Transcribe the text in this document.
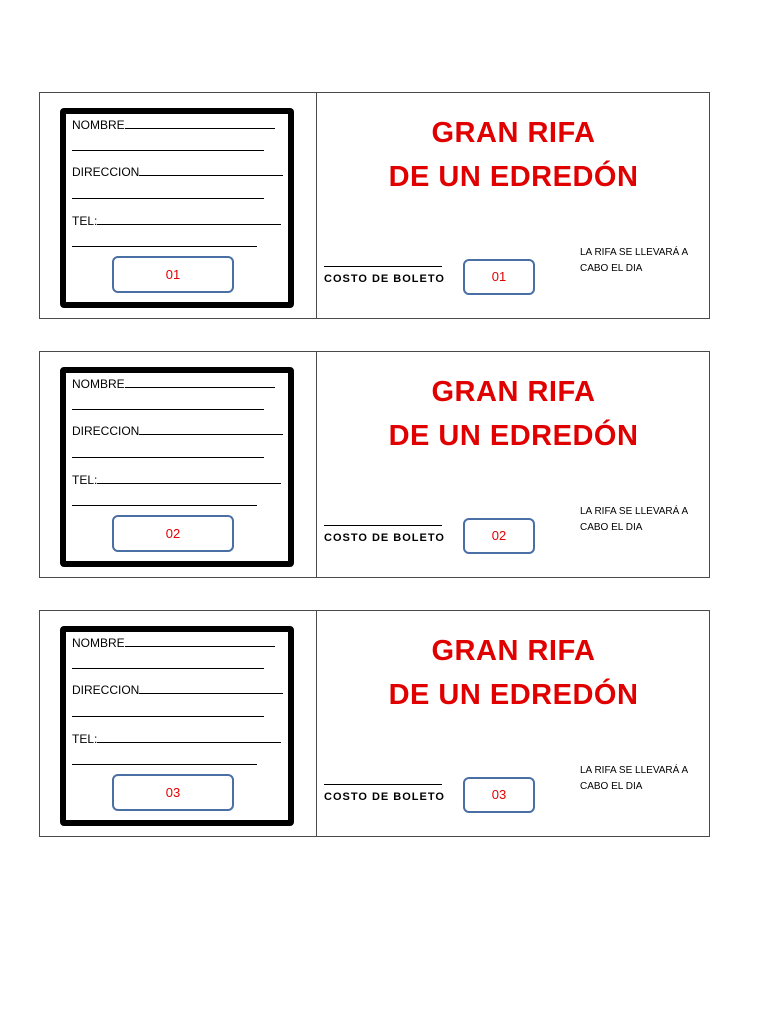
NOMBRE
DIRECCION
TEL:
01
GRAN RIFA
DE UN EDREDÓN
COSTO DE BOLETO	01
LA RIFA SE LLEVARÁ A
CABO EL DIA
NOMBRE
DIRECCION
TEL:
02
GRAN RIFA
DE UN EDREDÓN
COSTO DE BOLETO	02
LA RIFA SE LLEVARÁ A
CABO EL DIA
NOMBRE
DIRECCION
TEL:
03
GRAN RIFA
DE UN EDREDÓN
COSTO DE BOLETO	03
LA RIFA SE LLEVARÁ A
CABO EL DIA
